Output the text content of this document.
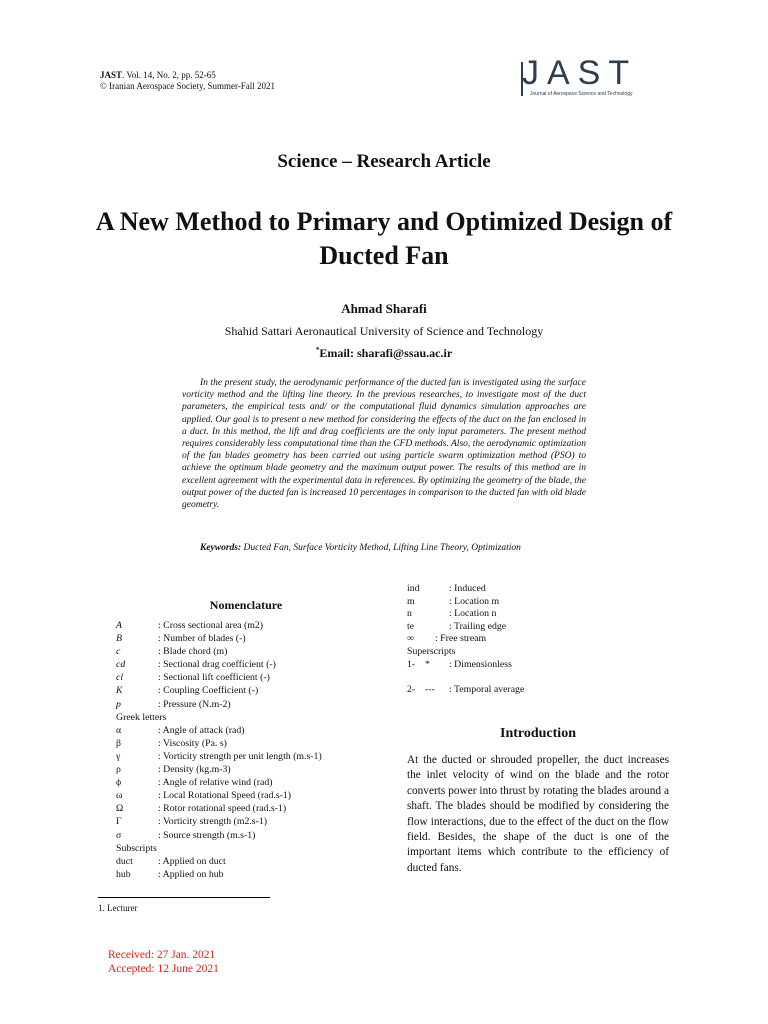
JAST. Vol. 14, No. 2, pp. 52-65
© Iranian Aerospace Society, Summer-Fall 2021	JAST
Journal of Aerospace Science and Technology
Science – Research Article
A New Method to Primary and Optimized Design of Ducted Fan
Ahmad Sharafi
Shahid Sattari Aeronautical University of Science and Technology
*Email: sharafi@ssau.ac.ir
In the present study, the aerodynamic performance of the ducted fan is investigated using the surface vorticity method and the lifting line theory. In the previous researches, to investigate most of the duct parameters, the empirical tests and/ or the computational fluid dynamics simulation approaches are applied. Our goal is to present a new method for considering the effects of the duct on the fan enclosed in a duct. In this method, the lift and drag coefficients are the only input parameters. The present method requires considerably less computational time than the CFD methods. Also, the aerodynamic optimization of the fan blades geometry has been carried out using particle swarm optimization method (PSO) to achieve the optimum blade geometry and the maximum output power. The results of this method are in excellent agreement with the experimental data in references. By optimizing the geometry of the blade, the output power of the ducted fan is increased 10 percentages in comparison to the ducted fan with old blade geometry.
Keywords: Ducted Fan, Surface Vorticity Method, Lifting Line Theory, Optimization
Nomenclature
A	: Cross sectional area (m2)
B	: Number of blades (-)
c	: Blade chord (m)
cd	: Sectional drag coefficient (-)
cl	: Sectional lift coefficient (-)
K	: Coupling Coefficient (-)
p	: Pressure (N.m-2)
Greek letters
α	: Angle of attack (rad)
β	: Viscosity (Pa. s)
γ	: Vorticity strength per unit length (m.s-1)
ρ	: Density (kg.m-3)
ϕ	: Angle of relative wind (rad)
ω	: Local Rotational Speed (rad.s-1)
Ω	: Rotor rotational speed (rad.s-1)
Γ	: Vorticity strength (m2.s-1)
σ	: Source strength (m.s-1)
Subscripts
duct	: Applied on duct
hub	: Applied on hub
ind	: Induced
m	: Location m
n	: Location n
te	: Trailing edge
∞ : Free stream
Superscripts
1- * : Dimensionless
2- --- : Temporal average
Introduction
At the ducted or shrouded propeller, the duct increases the inlet velocity of wind on the blade and the rotor converts power into thrust by rotating the blades around a shaft. The blades should be modified by considering the flow interactions, due to the effect of the duct on the flow field. Besides, the shape of the duct is one of the important items which contribute to the efficiency of ducted fans.
1. Lecturer
Received: 27 Jan. 2021
Accepted: 12 June 2021
